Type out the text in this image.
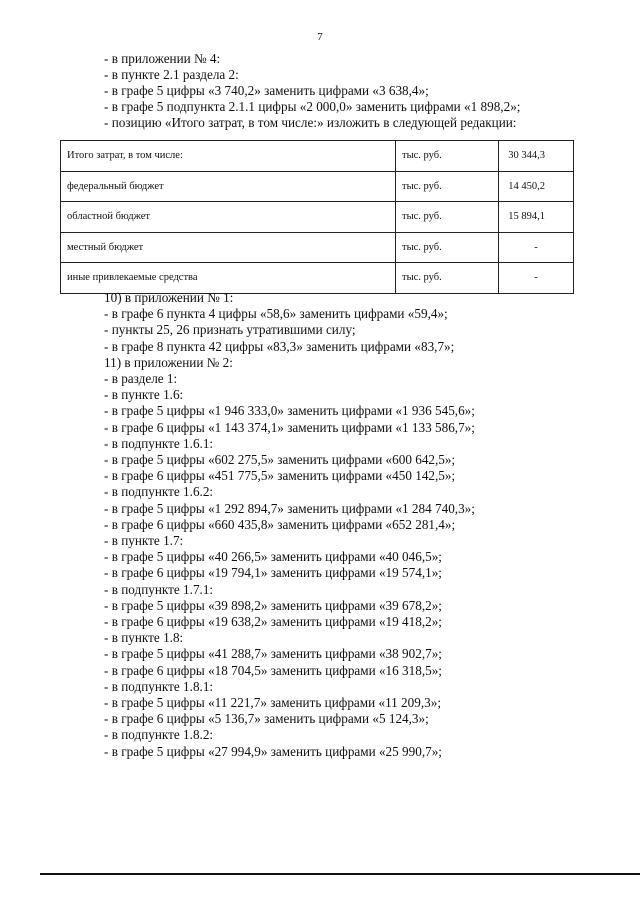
7
- в приложении № 4:
- в пункте 2.1 раздела 2:
- в графе 5 цифры «3 740,2» заменить цифрами «3 638,4»;
- в графе 5 подпункта 2.1.1 цифры «2 000,0» заменить цифрами «1 898,2»;
- позицию «Итого затрат, в том числе:» изложить в следующей редакции:
Итого затрат, в том числе:	тыс. руб.	30 344,3
федеральный бюджет	тыс. руб.	14 450,2
областной бюджет	тыс. руб.	15 894,1
местный бюджет	тыс. руб.	-
иные привлекаемые средства	тыс. руб.	-
10) в приложении № 1:
- в графе 6 пункта 4 цифры «58,6» заменить цифрами «59,4»;
- пункты 25, 26 признать утратившими силу;
- в графе 8 пункта 42 цифры «83,3» заменить цифрами «83,7»;
11) в приложении № 2:
- в разделе 1:
- в пункте 1.6:
- в графе 5 цифры «1 946 333,0» заменить цифрами «1 936 545,6»;
- в графе 6 цифры «1 143 374,1» заменить цифрами «1 133 586,7»;
- в подпункте 1.6.1:
- в графе 5 цифры «602 275,5» заменить цифрами «600 642,5»;
- в графе 6 цифры «451 775,5» заменить цифрами «450 142,5»;
- в подпункте 1.6.2:
- в графе 5 цифры «1 292 894,7» заменить цифрами «1 284 740,3»;
- в графе 6 цифры «660 435,8» заменить цифрами «652 281,4»;
- в пункте 1.7:
- в графе 5 цифры «40 266,5» заменить цифрами «40 046,5»;
- в графе 6 цифры «19 794,1» заменить цифрами «19 574,1»;
- в подпункте 1.7.1:
- в графе 5 цифры «39 898,2» заменить цифрами «39 678,2»;
- в графе 6 цифры «19 638,2» заменить цифрами «19 418,2»;
- в пункте 1.8:
- в графе 5 цифры «41 288,7» заменить цифрами «38 902,7»;
- в графе 6 цифры «18 704,5» заменить цифрами «16 318,5»;
- в подпункте 1.8.1:
- в графе 5 цифры «11 221,7» заменить цифрами «11 209,3»;
- в графе 6 цифры «5 136,7» заменить цифрами «5 124,3»;
- в подпункте 1.8.2:
- в графе 5 цифры «27 994,9» заменить цифрами «25 990,7»;
